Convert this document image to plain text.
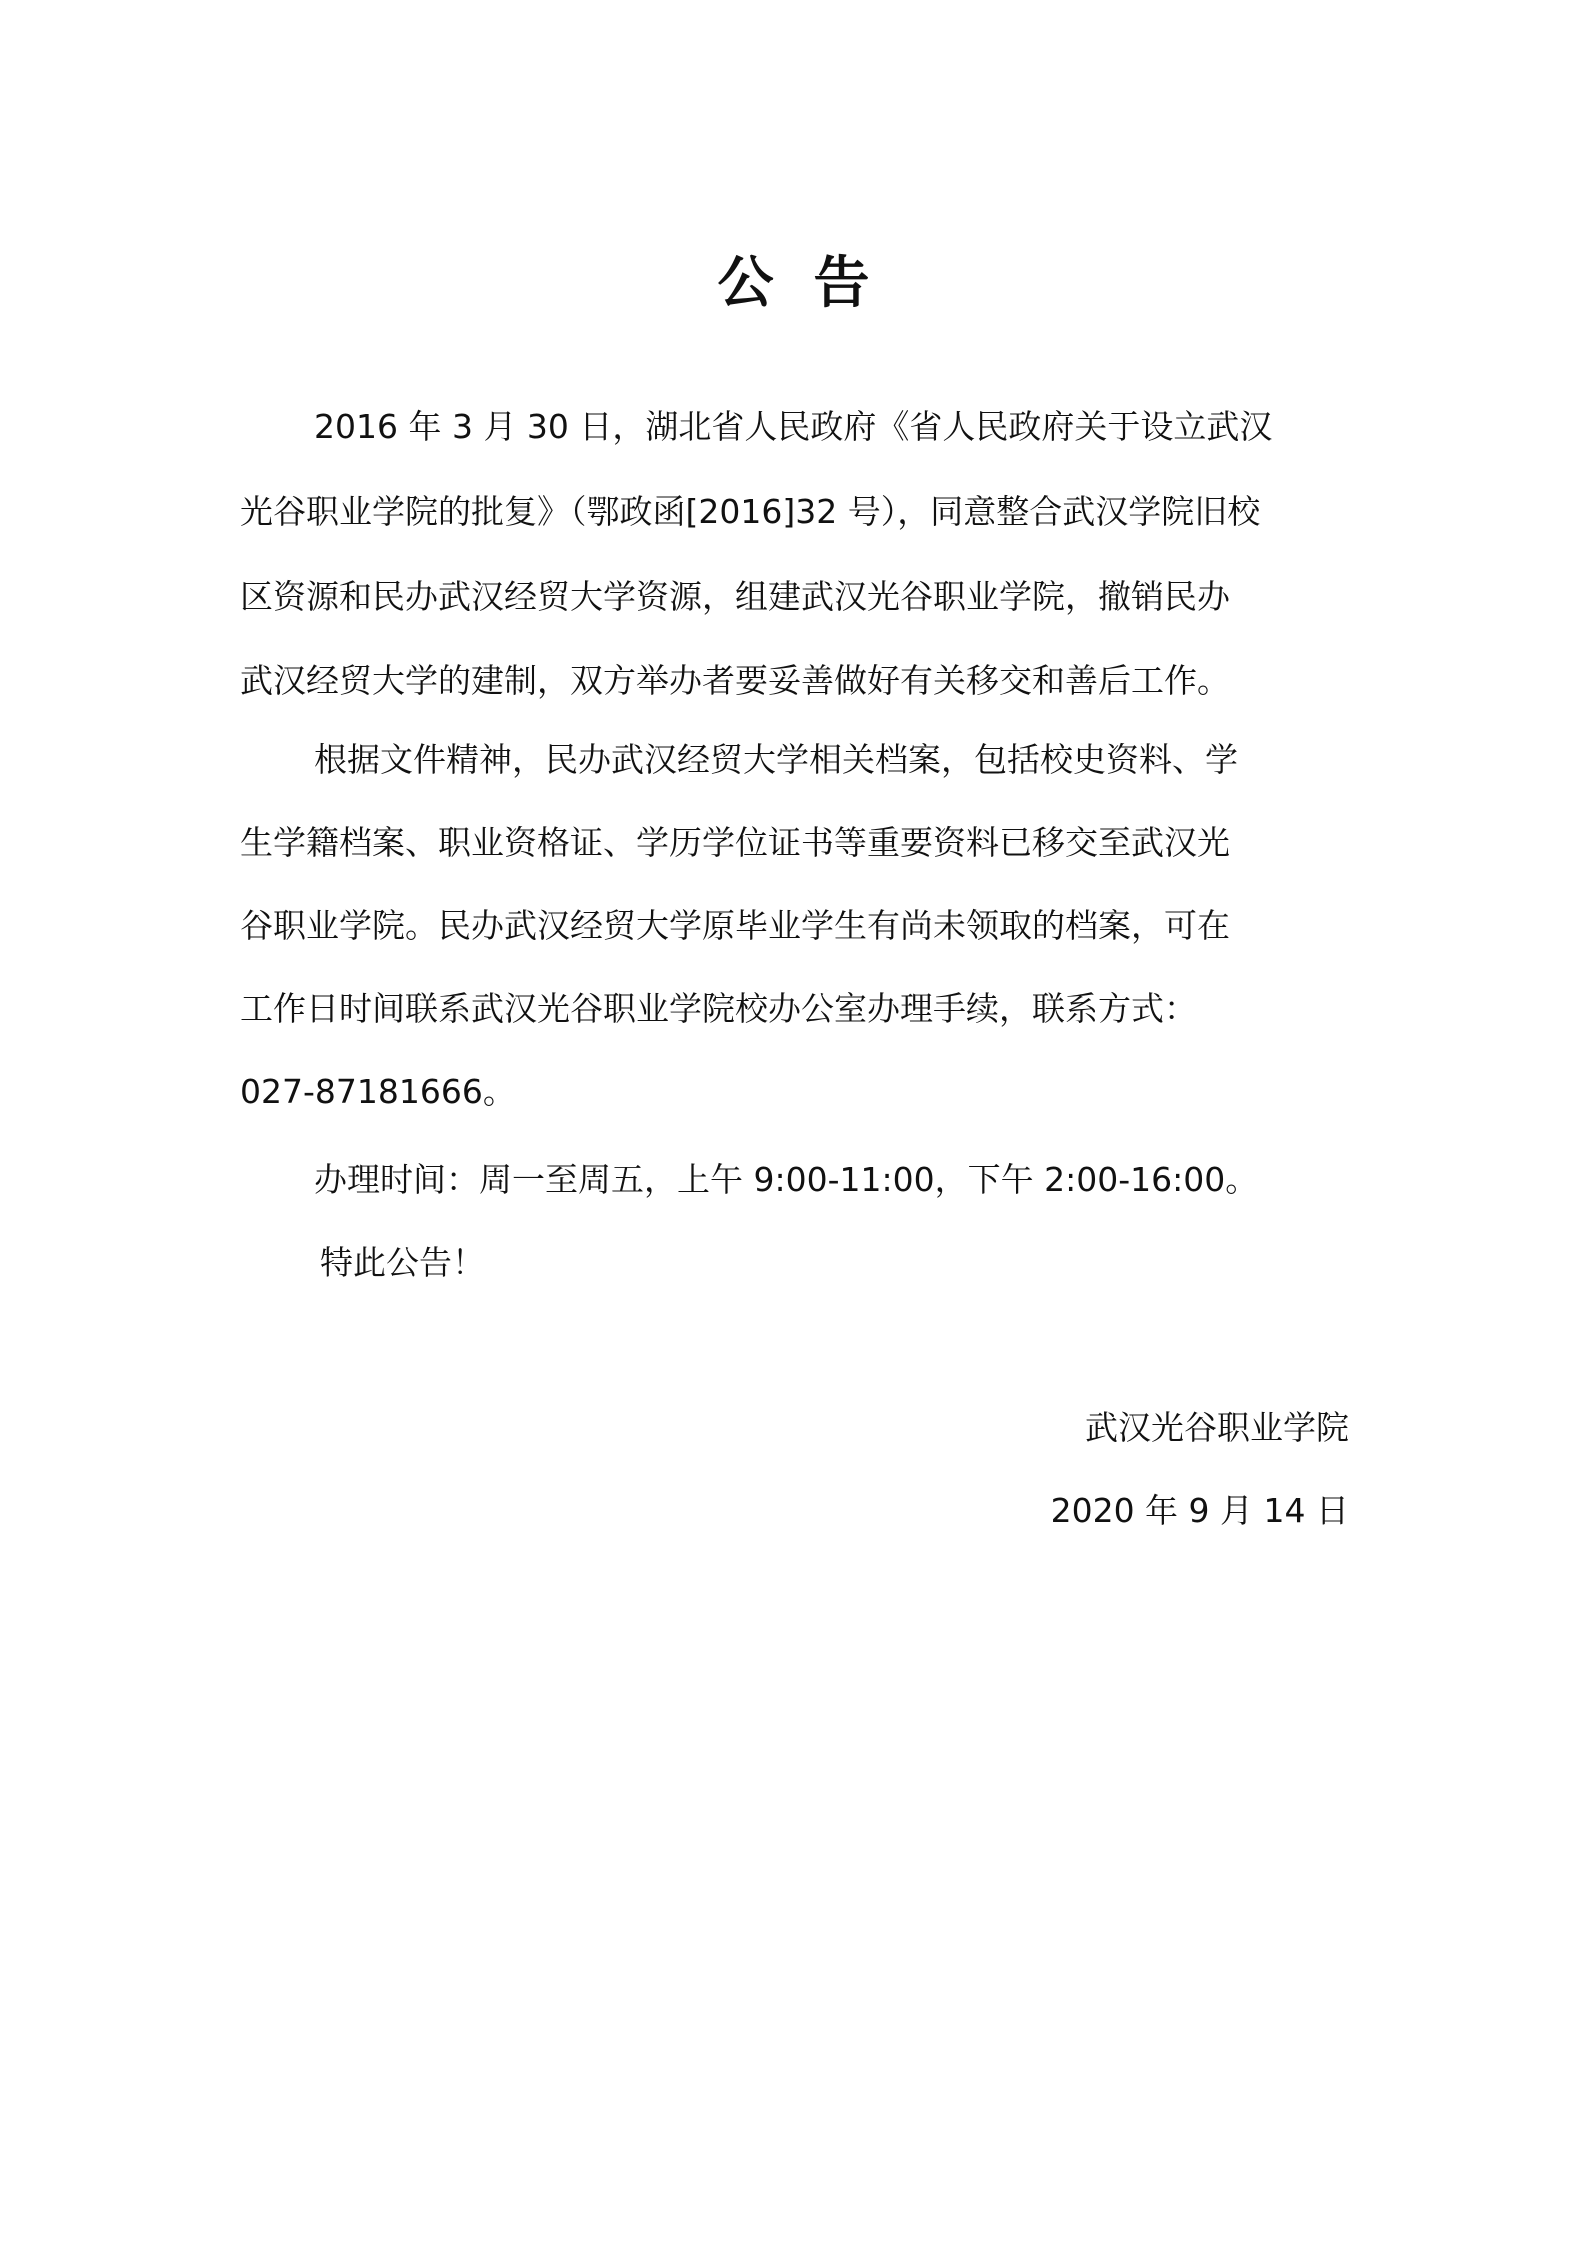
公 告
2016 年 3 月 30 日，湖北省人民政府《省人民政府关于设立武汉
光谷职业学院的批复》（鄂政函[2016]32 号），同意整合武汉学院旧校
区资源和民办武汉经贸大学资源，组建武汉光谷职业学院，撤销民办
武汉经贸大学的建制，双方举办者要妥善做好有关移交和善后工作。
根据文件精神，民办武汉经贸大学相关档案，包括校史资料、学
生学籍档案、职业资格证、学历学位证书等重要资料已移交至武汉光
谷职业学院。民办武汉经贸大学原毕业学生有尚未领取的档案，可在
工作日时间联系武汉光谷职业学院校办公室办理手续，联系方式：
027-87181666。
办理时间：周一至周五，上午 9:00-11:00，下午 2:00-16:00。
特此公告！
武汉光谷职业学院
2020 年 9 月 14 日
